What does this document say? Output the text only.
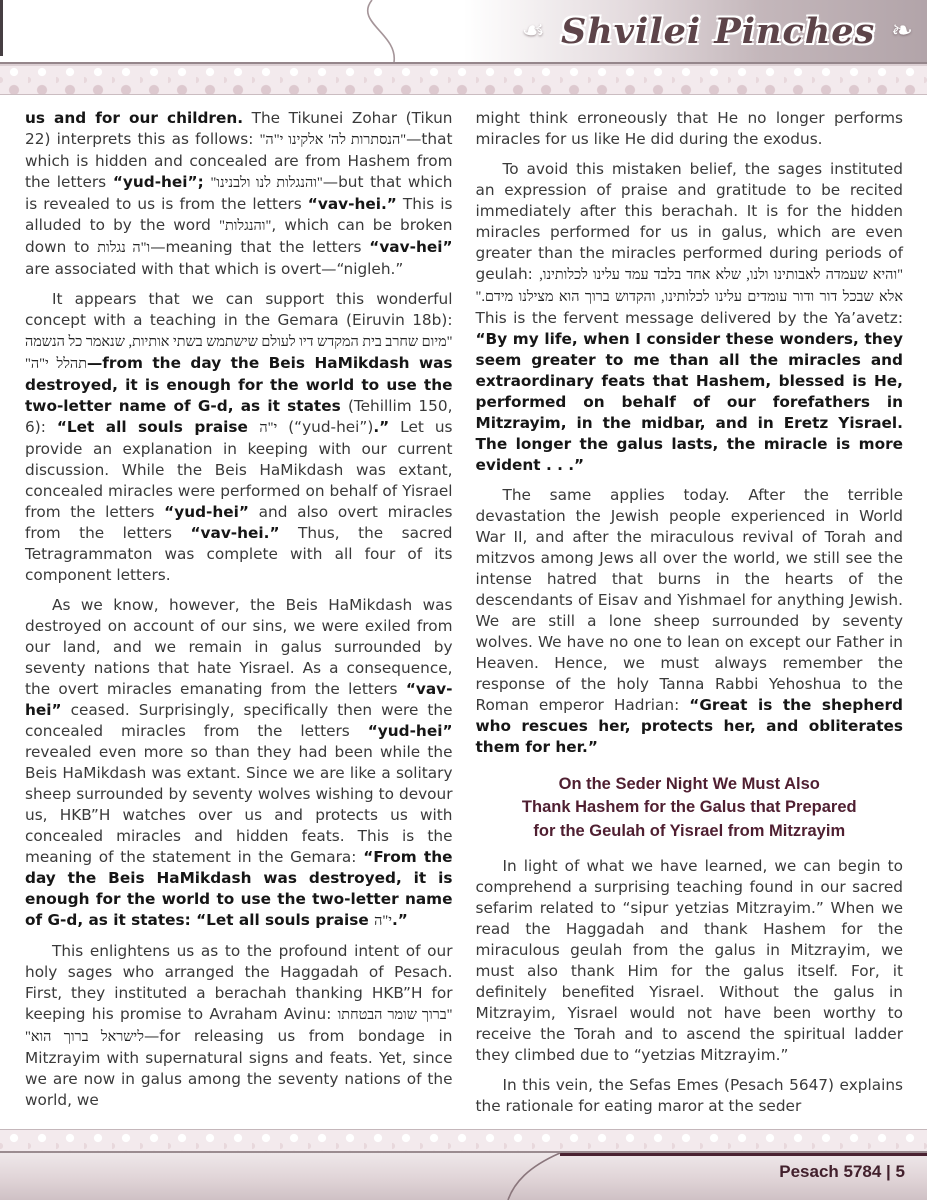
☙ Shvilei Pinches ❧

us and for our children. The Tikunei Zohar (Tikun 22) interprets this as follows: "הנסתרות לה' אלקינו י"ה"—that which is hidden and concealed are from Hashem from the letters “yud-hei”; "והנגלות לנו ולבנינו"—but that which is revealed to us is from the letters “vav-hei.” This is alluded to by the word "והנגלות", which can be broken down to ו"ה נגלות—meaning that the letters “vav-hei” are associated with that which is overt—“nigleh.”

It appears that we can support this wonderful concept with a teaching in the Gemara (Eiruvin 18b): "מיום שחרב בית המקדש דיו לעולם שישתמש בשתי אותיות, שנאמר כל הנשמה תהלל י"ה"—from the day the Beis HaMikdash was destroyed, it is enough for the world to use the two-letter name of G-d, as it states (Tehillim 150, 6): “Let all souls praise י"ה (“yud-hei”).” Let us provide an explanation in keeping with our current discussion. While the Beis HaMikdash was extant, concealed miracles were performed on behalf of Yisrael from the letters “yud-hei” and also overt miracles from the letters “vav-hei.” Thus, the sacred Tetragrammaton was complete with all four of its component letters.

As we know, however, the Beis HaMikdash was destroyed on account of our sins, we were exiled from our land, and we remain in galus surrounded by seventy nations that hate Yisrael. As a consequence, the overt miracles emanating from the letters “vav-hei” ceased. Surprisingly, specifically then were the concealed miracles from the letters “yud-hei” revealed even more so than they had been while the Beis HaMikdash was extant. Since we are like a solitary sheep surrounded by seventy wolves wishing to devour us, HKB”H watches over us and protects us with concealed miracles and hidden feats. This is the meaning of the statement in the Gemara: “From the day the Beis HaMikdash was destroyed, it is enough for the world to use the two-letter name of G-d, as it states: “Let all souls praise י"ה.”

This enlightens us as to the profound intent of our holy sages who arranged the Haggadah of Pesach. First, they instituted a berachah thanking HKB”H for keeping his promise to Avraham Avinu: "ברוך שומר הבטחתו לישראל ברוך הוא"—for releasing us from bondage in Mitzrayim with supernatural signs and feats. Yet, since we are now in galus among the seventy nations of the world, we

might think erroneously that He no longer performs miracles for us like He did during the exodus.

To avoid this mistaken belief, the sages instituted an expression of praise and gratitude to be recited immediately after this berachah. It is for the hidden miracles performed for us in galus, which are even greater than the miracles performed during periods of geulah: "והיא שעמדה לאבותינו ולנו, שלא אחד בלבד עמד עלינו לכלותינו, אלא שבכל דור ודור עומדים עלינו לכלותינו, והקדוש ברוך הוא מצילנו מידם." This is the fervent message delivered by the Ya’avetz: “By my life, when I consider these wonders, they seem greater to me than all the miracles and extraordinary feats that Hashem, blessed is He, performed on behalf of our forefathers in Mitzrayim, in the midbar, and in Eretz Yisrael. The longer the galus lasts, the miracle is more evident . . .”

The same applies today. After the terrible devastation the Jewish people experienced in World War II, and after the miraculous revival of Torah and mitzvos among Jews all over the world, we still see the intense hatred that burns in the hearts of the descendants of Eisav and Yishmael for anything Jewish. We are still a lone sheep surrounded by seventy wolves. We have no one to lean on except our Father in Heaven. Hence, we must always remember the response of the holy Tanna Rabbi Yehoshua to the Roman emperor Hadrian: “Great is the shepherd who rescues her, protects her, and obliterates them for her.”

On the Seder Night We Must Also
Thank Hashem for the Galus that Prepared
for the Geulah of Yisrael from Mitzrayim

In light of what we have learned, we can begin to comprehend a surprising teaching found in our sacred sefarim related to “sipur yetzias Mitzrayim.” When we read the Haggadah and thank Hashem for the miraculous geulah from the galus in Mitzrayim, we must also thank Him for the galus itself. For, it definitely benefited Yisrael. Without the galus in Mitzrayim, Yisrael would not have been worthy to receive the Torah and to ascend the spiritual ladder they climbed due to “yetzias Mitzrayim.”

In this vein, the Sefas Emes (Pesach 5647) explains the rationale for eating maror at the seder

Pesach 5784 | 5
